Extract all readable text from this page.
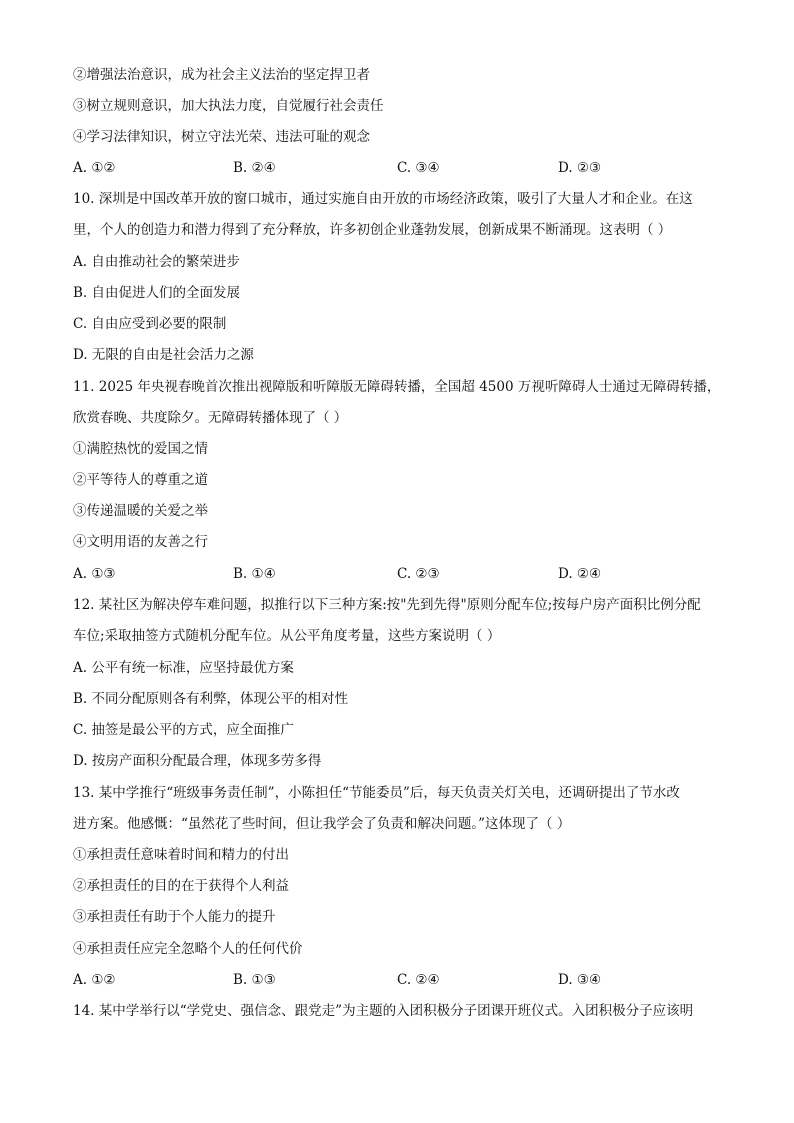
②增强法治意识，成为社会主义法治的坚定捍卫者
③树立规则意识，加大执法力度，自觉履行社会责任
④学习法律知识，树立守法光荣、违法可耻的观念
A. ①②	B. ②④	C. ③④	D. ②③
10. 深圳是中国改革开放的窗口城市，通过实施自由开放的市场经济政策，吸引了大量人才和企业。在这
里，个人的创造力和潜力得到了充分释放，许多初创企业蓬勃发展，创新成果不断涌现。这表明（ ）
A. 自由推动社会的繁荣进步
B. 自由促进人们的全面发展
C. 自由应受到必要的限制
D. 无限的自由是社会活力之源
11. 2025 年央视春晚首次推出视障版和听障版无障碍转播，全国超 4500 万视听障碍人士通过无障碍转播，
欣赏春晚、共度除夕。无障碍转播体现了（ ）
①满腔热忱的爱国之情
②平等待人的尊重之道
③传递温暖的关爱之举
④文明用语的友善之行
A. ①③	B. ①④	C. ②③	D. ②④
12. 某社区为解决停车难问题，拟推行以下三种方案:按"先到先得"原则分配车位;按每户房产面积比例分配
车位;采取抽签方式随机分配车位。从公平角度考量，这些方案说明（ ）
A. 公平有统一标准，应坚持最优方案
B. 不同分配原则各有利弊，体现公平的相对性
C. 抽签是最公平的方式，应全面推广
D. 按房产面积分配最合理，体现多劳多得
13. 某中学推行“班级事务责任制”，小陈担任“节能委员”后，每天负责关灯关电，还调研提出了节水改
进方案。他感慨：“虽然花了些时间，但让我学会了负责和解决问题。”这体现了（ ）
①承担责任意味着时间和精力的付出
②承担责任的目的在于获得个人利益
③承担责任有助于个人能力的提升
④承担责任应完全忽略个人的任何代价
A. ①②	B. ①③	C. ②④	D. ③④
14. 某中学举行以“学党史、强信念、跟党走”为主题的入团积极分子团课开班仪式。入团积极分子应该明
